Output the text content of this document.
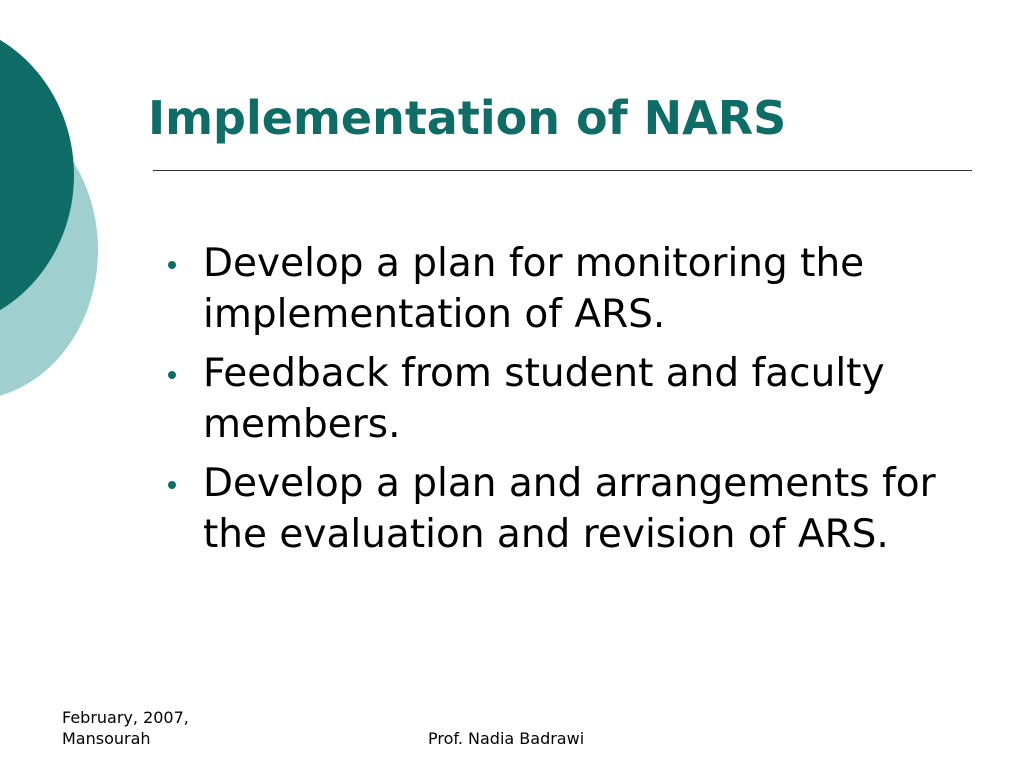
Implementation of NARS
Develop a plan for monitoring the implementation of ARS.
Feedback from student and faculty members.
Develop a plan and arrangements for the evaluation and revision of ARS.
February, 2007,
Mansourah	Prof. Nadia Badrawi
